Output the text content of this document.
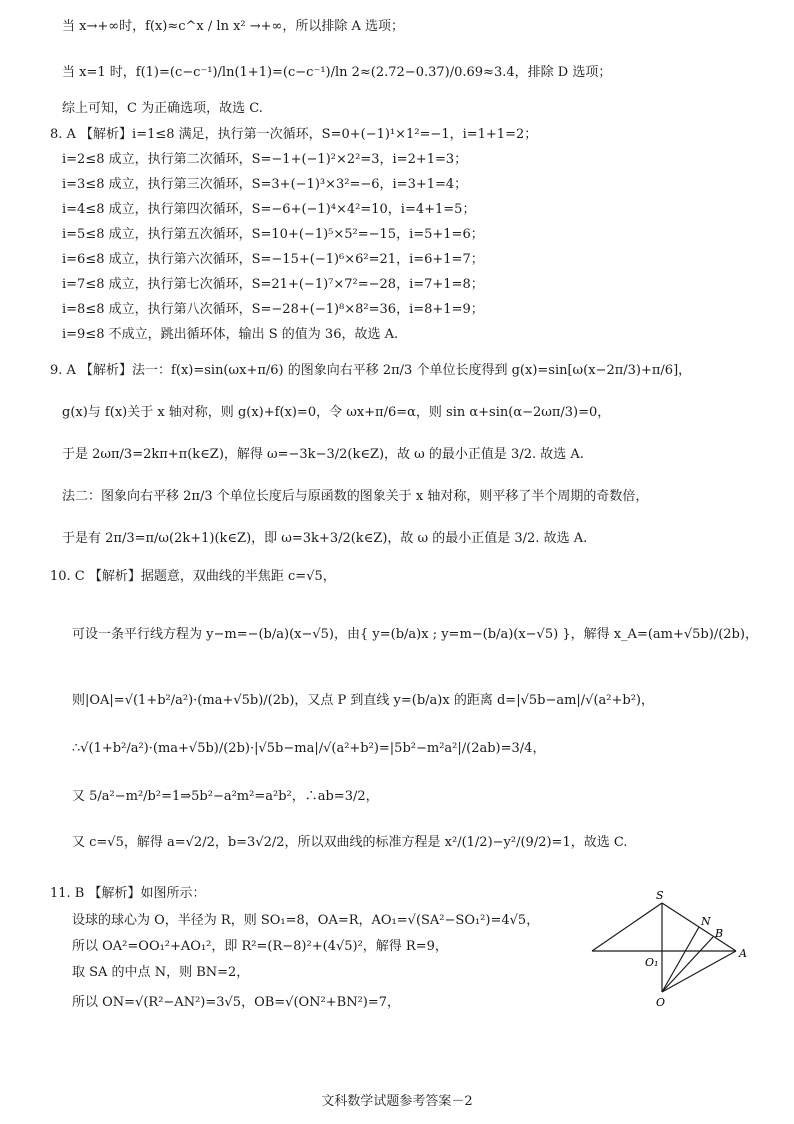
当 x→+∞时，f(x)≈c^x / ln x² →+∞，所以排除 A 选项；
当 x=1 时，f(1)=(c−c⁻¹)/ln(1+1)=(c−c⁻¹)/ln 2≈(2.72−0.37)/0.69≈3.4，排除 D 选项；
综上可知，C 为正确选项，故选 C.
8. A 【解析】i=1≤8 满足，执行第一次循环，S=0+(−1)¹×1²=−1，i=1+1=2；
i=2≤8 成立，执行第二次循环，S=−1+(−1)²×2²=3，i=2+1=3；
i=3≤8 成立，执行第三次循环，S=3+(−1)³×3²=−6，i=3+1=4；
i=4≤8 成立，执行第四次循环，S=−6+(−1)⁴×4²=10，i=4+1=5；
i=5≤8 成立，执行第五次循环，S=10+(−1)⁵×5²=−15，i=5+1=6；
i=6≤8 成立，执行第六次循环，S=−15+(−1)⁶×6²=21，i=6+1=7；
i=7≤8 成立，执行第七次循环，S=21+(−1)⁷×7²=−28，i=7+1=8；
i=8≤8 成立，执行第八次循环，S=−28+(−1)⁸×8²=36，i=8+1=9；
i=9≤8 不成立，跳出循环体，输出 S 的值为 36，故选 A.
9. A 【解析】法一：f(x)=sin(ωx+π/6) 的图象向右平移 2π/3 个单位长度得到 g(x)=sin[ω(x−2π/3)+π/6]，
g(x)与 f(x)关于 x 轴对称，则 g(x)+f(x)=0，令 ωx+π/6=α，则 sin α+sin(α−2ωπ/3)=0，
于是 2ωπ/3=2kπ+π(k∈Z)，解得 ω=−3k−3/2(k∈Z)，故 ω 的最小正值是 3/2. 故选 A.
法二：图象向右平移 2π/3 个单位长度后与原函数的图象关于 x 轴对称，则平移了半个周期的奇数倍，
于是有 2π/3=π/ω(2k+1)(k∈Z)，即 ω=3k+3/2(k∈Z)，故 ω 的最小正值是 3/2. 故选 A.
10. C 【解析】据题意，双曲线的半焦距 c=√5，
可设一条平行线方程为 y−m=−(b/a)(x−√5)，由{ y=(b/a)x ; y=m−(b/a)(x−√5) }，解得 x_A=(am+√5b)/(2b)，
则|OA|=√(1+b²/a²)·(ma+√5b)/(2b)，又点 P 到直线 y=(b/a)x 的距离 d=|√5b−am|/√(a²+b²)，
∴√(1+b²/a²)·(ma+√5b)/(2b)·|√5b−ma|/√(a²+b²)=|5b²−m²a²|/(2ab)=3/4，
又 5/a²−m²/b²=1⇒5b²−a²m²=a²b²，∴ab=3/2，
又 c=√5，解得 a=√2/2，b=3√2/2，所以双曲线的标准方程是 x²/(1/2)−y²/(9/2)=1，故选 C.
11. B 【解析】如图所示：
设球的球心为 O，半径为 R，则 SO₁=8，OA=R，AO₁=√(SA²−SO₁²)=4√5，
所以 OA²=OO₁²+AO₁²，即 R²=(R−8)²+(4√5)²，解得 R=9，
取 SA 的中点 N，则 BN=2，
所以 ON=√(R²−AN²)=3√5，OB=√(ON²+BN²)=7，
S
N
B
A
O₁
O
文科数学试题参考答案－2
